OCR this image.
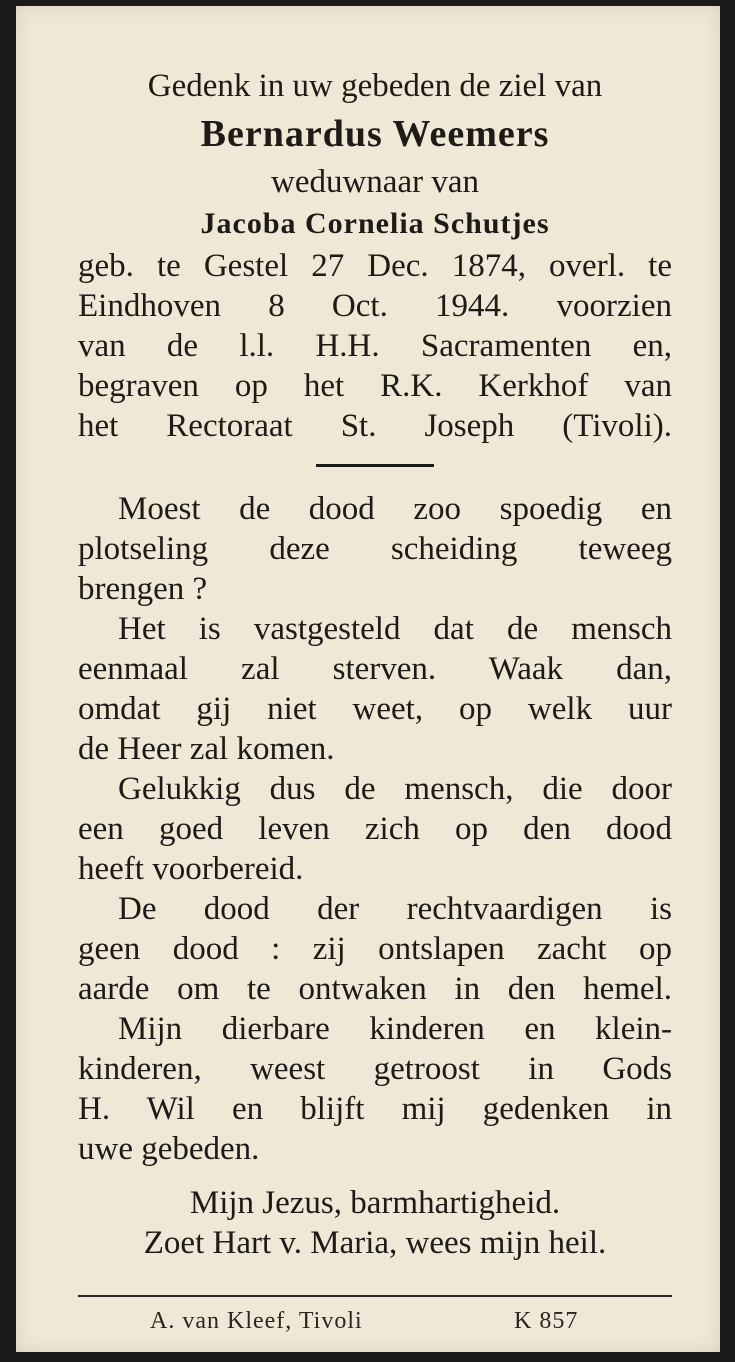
Gedenk in uw gebeden de ziel van
Bernardus Weemers
weduwnaar van
Jacoba Cornelia Schutjes
geb. te Gestel 27 Dec. 1874, overl. te
Eindhoven 8 Oct. 1944. voorzien
van de l.l. H.H. Sacramenten en,
begraven op het R.K. Kerkhof van
het Rectoraat St. Joseph (Tivoli).
Moest de dood zoo spoedig en
plotseling deze scheiding teweeg
brengen ?
Het is vastgesteld dat de mensch
eenmaal zal sterven. Waak dan,
omdat gij niet weet, op welk uur
de Heer zal komen.
Gelukkig dus de mensch, die door
een goed leven zich op den dood
heeft voorbereid.
De dood der rechtvaardigen is
geen dood : zij ontslapen zacht op
aarde om te ontwaken in den hemel.
Mijn dierbare kinderen en klein-
kinderen, weest getroost in Gods
H. Wil en blijft mij gedenken in
uwe gebeden.
Mijn Jezus, barmhartigheid.
Zoet Hart v. Maria, wees mijn heil.
A. van Kleef, Tivoli	K 857
